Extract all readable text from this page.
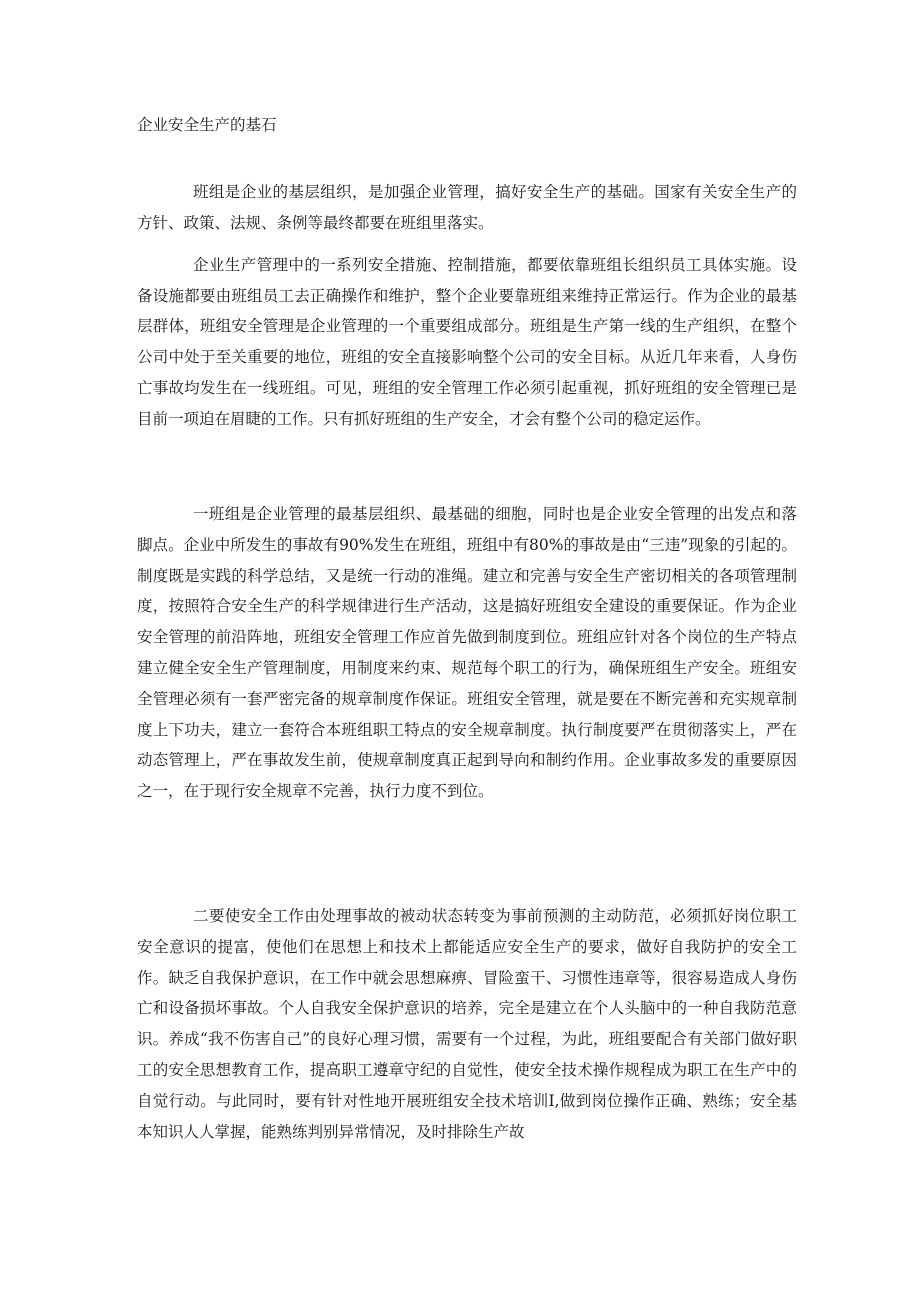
企业安全生产的基石

班组是企业的基层组织，是加强企业管理，搞好安全生产的基础。国家有关安全生产的方针、政策、法规、条例等最终都要在班组里落实。

企业生产管理中的一系列安全措施、控制措施，都要依靠班组长组织员工具体实施。设备设施都要由班组员工去正确操作和维护，整个企业要靠班组来维持正常运行。作为企业的最基层群体，班组安全管理是企业管理的一个重要组成部分。班组是生产第一线的生产组织，在整个公司中处于至关重要的地位，班组的安全直接影响整个公司的安全目标。从近几年来看，人身伤亡事故均发生在一线班组。可见，班组的安全管理工作必须引起重视，抓好班组的安全管理已是目前一项迫在眉睫的工作。只有抓好班组的生产安全，才会有整个公司的稳定运作。

一班组是企业管理的最基层组织、最基础的细胞，同时也是企业安全管理的出发点和落脚点。企业中所发生的事故有90%发生在班组，班组中有80%的事故是由“三违”现象的引起的。制度既是实践的科学总结，又是统一行动的准绳。建立和完善与安全生产密切相关的各项管理制度，按照符合安全生产的科学规律进行生产活动，这是搞好班组安全建设的重要保证。作为企业安全管理的前沿阵地，班组安全管理工作应首先做到制度到位。班组应针对各个岗位的生产特点建立健全安全生产管理制度，用制度来约束、规范每个职工的行为，确保班组生产安全。班组安全管理必须有一套严密完备的规章制度作保证。班组安全管理，就是要在不断完善和充实规章制度上下功夫，建立一套符合本班组职工特点的安全规章制度。执行制度要严在贯彻落实上，严在动态管理上，严在事故发生前，使规章制度真正起到导向和制约作用。企业事故多发的重要原因之一，在于现行安全规章不完善，执行力度不到位。

二要使安全工作由处理事故的被动状态转变为事前预测的主动防范，必须抓好岗位职工安全意识的提富，使他们在思想上和技术上都能适应安全生产的要求，做好自我防护的安全工作。缺乏自我保护意识，在工作中就会思想麻痹、冒险蛮干、习惯性违章等，很容易造成人身伤亡和设备损坏事故。个人自我安全保护意识的培养，完全是建立在个人头脑中的一种自我防范意识。养成“我不伤害自己”的良好心理习惯，需要有一个过程，为此，班组要配合有关部门做好职工的安全思想教育工作，提高职工遵章守纪的自觉性，使安全技术操作规程成为职工在生产中的自觉行动。与此同时，要有针对性地开展班组安全技术培训I,做到岗位操作正确、熟练；安全基本知识人人掌握，能熟练判别异常情况，及时排除生产故
